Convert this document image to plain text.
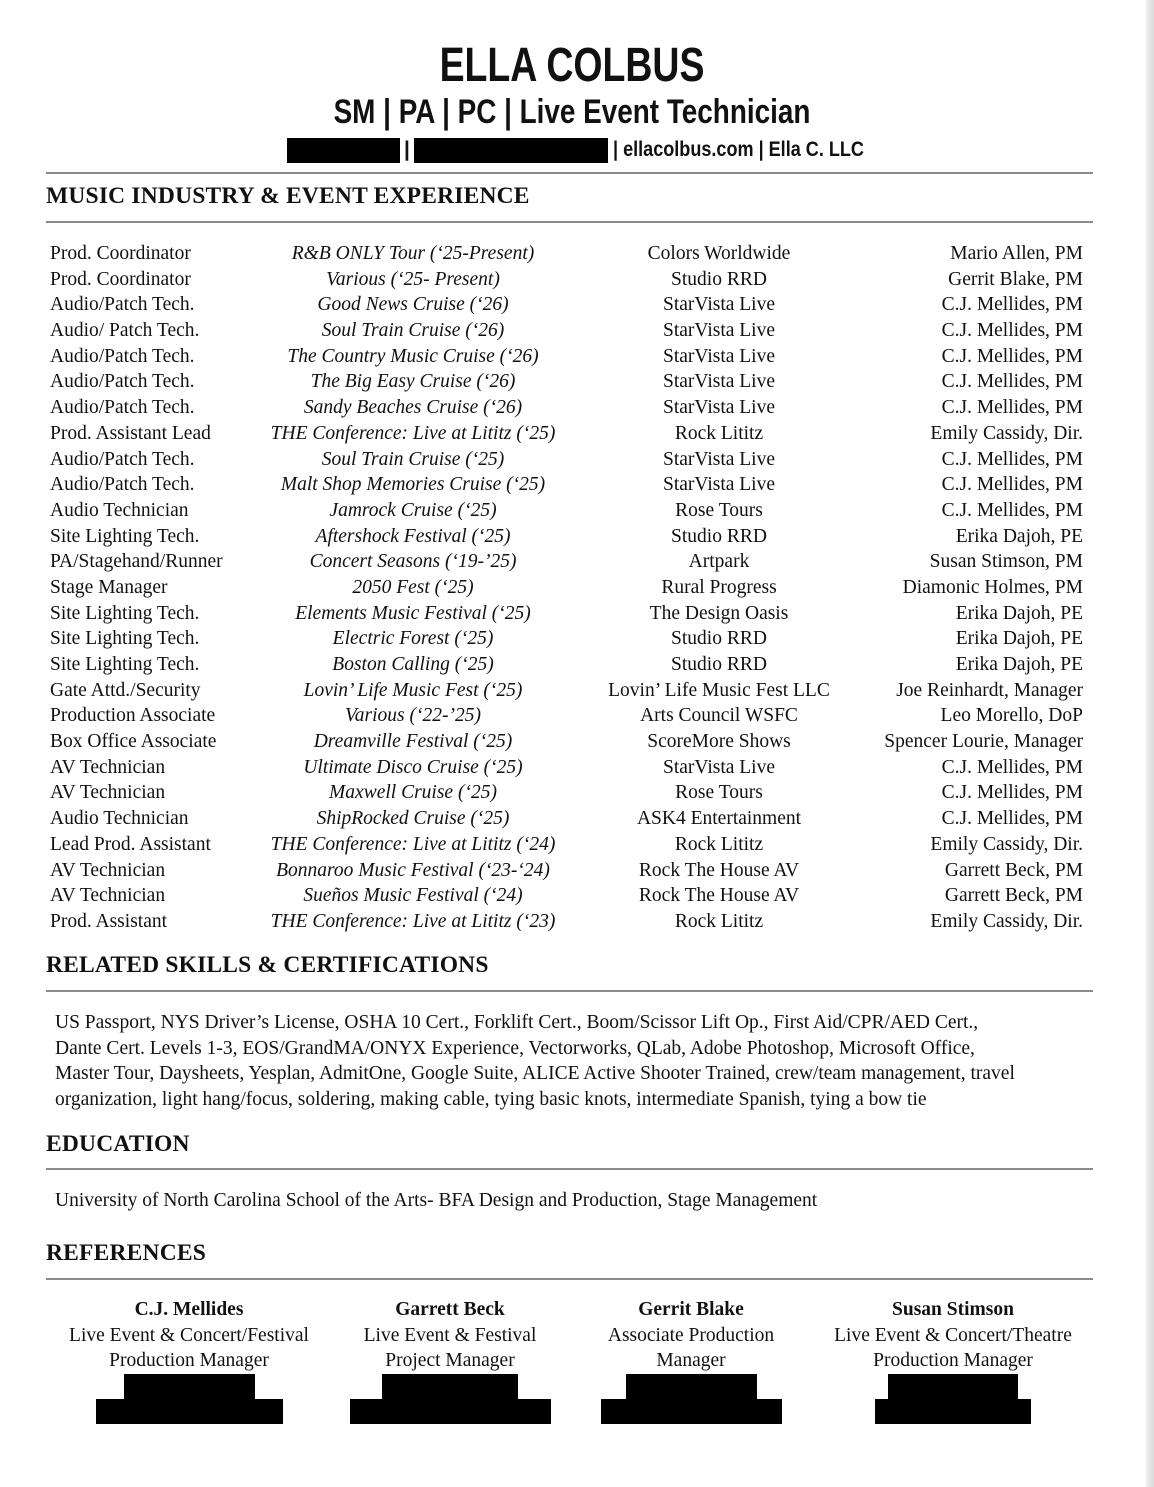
ELLA COLBUS
SM | PA | PC | Live Event Technician
|	| ellacolbus.com | Ella C. LLC
MUSIC INDUSTRY & EVENT EXPERIENCE
Prod. Coordinator	R&B ONLY Tour (‘25-Present)	Colors Worldwide	Mario Allen, PM
Prod. Coordinator	Various (‘25- Present)	Studio RRD	Gerrit Blake, PM
Audio/Patch Tech.	Good News Cruise (‘26)	StarVista Live	C.J. Mellides, PM
Audio/ Patch Tech.	Soul Train Cruise (‘26)	StarVista Live	C.J. Mellides, PM
Audio/Patch Tech.	The Country Music Cruise (‘26)	StarVista Live	C.J. Mellides, PM
Audio/Patch Tech.	The Big Easy Cruise (‘26)	StarVista Live	C.J. Mellides, PM
Audio/Patch Tech.	Sandy Beaches Cruise (‘26)	StarVista Live	C.J. Mellides, PM
Prod. Assistant Lead	THE Conference: Live at Lititz (‘25)	Rock Lititz	Emily Cassidy, Dir.
Audio/Patch Tech.	Soul Train Cruise (‘25)	StarVista Live	C.J. Mellides, PM
Audio/Patch Tech.	Malt Shop Memories Cruise (‘25)	StarVista Live	C.J. Mellides, PM
Audio Technician	Jamrock Cruise (‘25)	Rose Tours	C.J. Mellides, PM
Site Lighting Tech.	Aftershock Festival (‘25)	Studio RRD	Erika Dajoh, PE
PA/Stagehand/Runner	Concert Seasons (‘19-’25)	Artpark	Susan Stimson, PM
Stage Manager	2050 Fest (‘25)	Rural Progress	Diamonic Holmes, PM
Site Lighting Tech.	Elements Music Festival (‘25)	The Design Oasis	Erika Dajoh, PE
Site Lighting Tech.	Electric Forest (‘25)	Studio RRD	Erika Dajoh, PE
Site Lighting Tech.	Boston Calling (‘25)	Studio RRD	Erika Dajoh, PE
Gate Attd./Security	Lovin’ Life Music Fest (‘25)	Lovin’ Life Music Fest LLC	Joe Reinhardt, Manager
Production Associate	Various (‘22-’25)	Arts Council WSFC	Leo Morello, DoP
Box Office Associate	Dreamville Festival (‘25)	ScoreMore Shows	Spencer Lourie, Manager
AV Technician	Ultimate Disco Cruise (‘25)	StarVista Live	C.J. Mellides, PM
AV Technician	Maxwell Cruise (‘25)	Rose Tours	C.J. Mellides, PM
Audio Technician	ShipRocked Cruise (‘25)	ASK4 Entertainment	C.J. Mellides, PM
Lead Prod. Assistant	THE Conference: Live at Lititz (‘24)	Rock Lititz	Emily Cassidy, Dir.
AV Technician	Bonnaroo Music Festival (‘23-‘24)	Rock The House AV	Garrett Beck, PM
AV Technician	Sueños Music Festival (‘24)	Rock The House AV	Garrett Beck, PM
Prod. Assistant	THE Conference: Live at Lititz (‘23)	Rock Lititz	Emily Cassidy, Dir.
RELATED SKILLS & CERTIFICATIONS
US Passport, NYS Driver’s License, OSHA 10 Cert., Forklift Cert., Boom/Scissor Lift Op., First Aid/CPR/AED Cert.,
Dante Cert. Levels 1-3, EOS/GrandMA/ONYX Experience, Vectorworks, QLab, Adobe Photoshop, Microsoft Office,
Master Tour, Daysheets, Yesplan, AdmitOne, Google Suite, ALICE Active Shooter Trained, crew/team management, travel
organization, light hang/focus, soldering, making cable, tying basic knots, intermediate Spanish, tying a bow tie
EDUCATION
University of North Carolina School of the Arts- BFA Design and Production, Stage Management
REFERENCES
C.J. Mellides
Live Event & Concert/Festival
Production Manager
Garrett Beck
Live Event & Festival
Project Manager
Gerrit Blake
Associate Production
Manager
Susan Stimson
Live Event & Concert/Theatre
Production Manager
